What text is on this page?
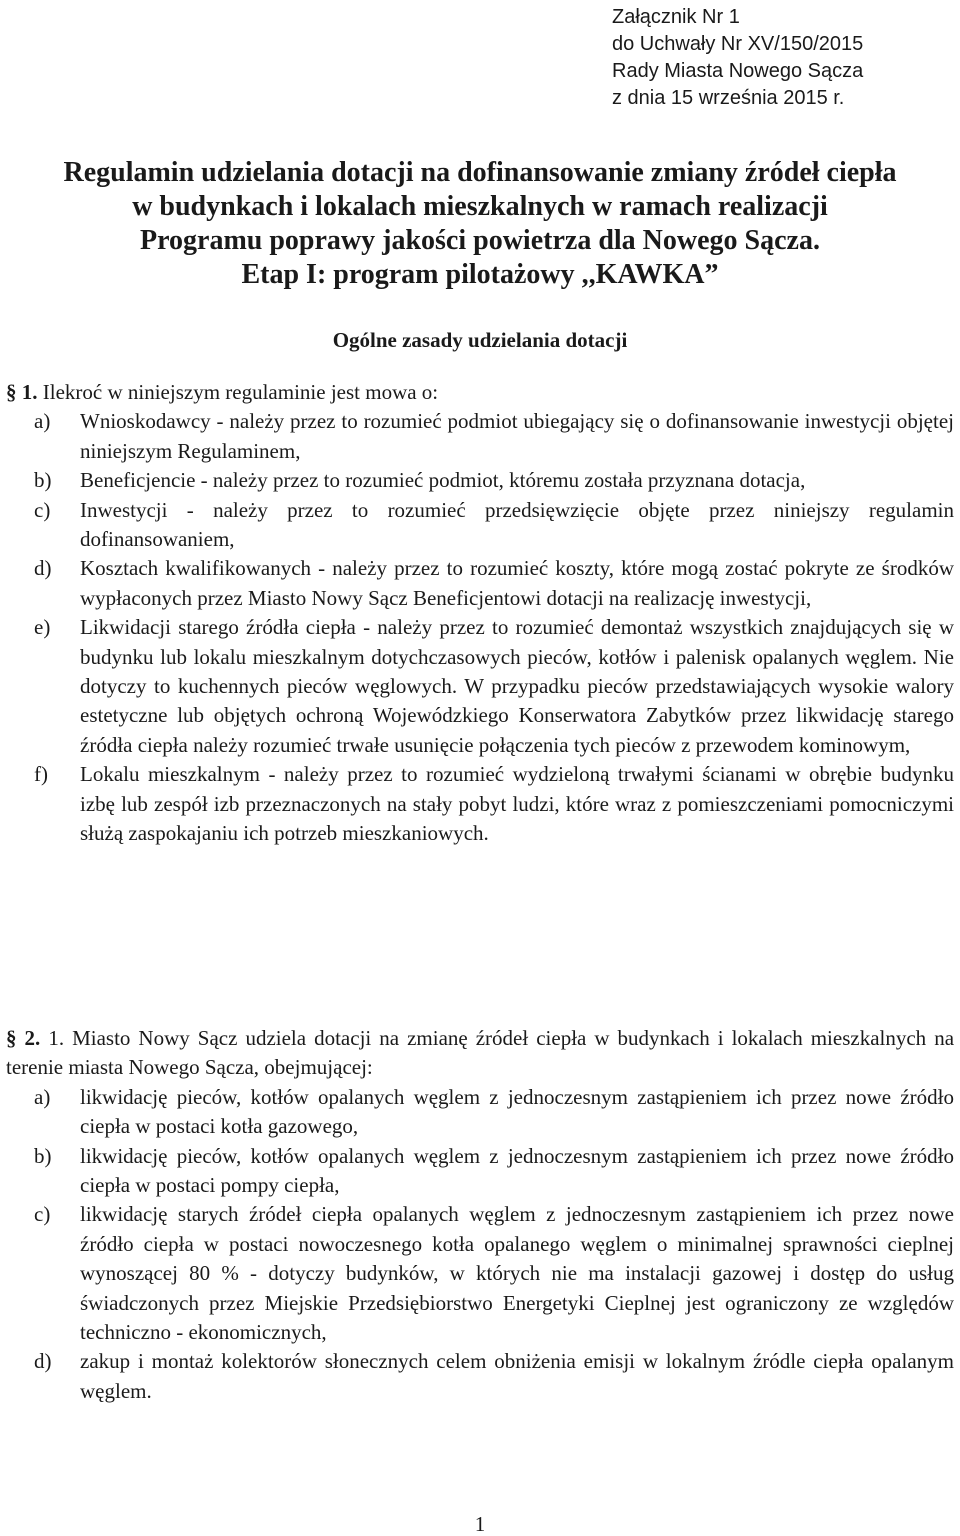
Załącznik Nr 1
do Uchwały Nr XV/150/2015
Rady Miasta Nowego Sącza
z dnia 15 września 2015 r.
Regulamin udzielania dotacji na dofinansowanie zmiany źródeł ciepła
w budynkach i lokalach mieszkalnych w ramach realizacji
Programu poprawy jakości powietrza dla Nowego Sącza.
Etap I: program pilotażowy ,,KAWKA”
Ogólne zasady udzielania dotacji

§ 1. Ilekroć w niniejszym regulaminie jest mowa o:

a)	Wnioskodawcy - należy przez to rozumieć podmiot ubiegający się o dofinansowanie inwestycji objętej niniejszym Regulaminem,
b)	Beneficjencie - należy przez to rozumieć podmiot, któremu została przyznana dotacja,
c)	Inwestycji - należy przez to rozumieć przedsięwzięcie objęte przez niniejszy regulamin dofinansowaniem,
d)	Kosztach kwalifikowanych - należy przez to rozumieć koszty, które mogą zostać pokryte ze środków wypłaconych przez Miasto Nowy Sącz Beneficjentowi dotacji na realizację inwestycji,
e)	Likwidacji starego źródła ciepła - należy przez to rozumieć demontaż wszystkich znajdujących się w budynku lub lokalu mieszkalnym dotychczasowych pieców, kotłów i palenisk opalanych węglem. Nie dotyczy to kuchennych pieców węglowych. W przypadku pieców przedstawiających wysokie walory estetyczne lub objętych ochroną Wojewódzkiego Konserwatora Zabytków przez likwidację starego źródła ciepła należy rozumieć trwałe usunięcie połączenia tych pieców z przewodem kominowym,
f)	Lokalu mieszkalnym - należy przez to rozumieć wydzieloną trwałymi ścianami w obrębie budynku izbę lub zespół izb przeznaczonych na stały pobyt ludzi, które wraz z pomieszczeniami pomocniczymi służą zaspokajaniu ich potrzeb mieszkaniowych.

§ 2. 1. Miasto Nowy Sącz udziela dotacji na zmianę źródeł ciepła w budynkach i lokalach mieszkalnych na terenie miasta Nowego Sącza, obejmującej:

a)	likwidację pieców, kotłów opalanych węglem z jednoczesnym zastąpieniem ich przez nowe źródło ciepła w postaci kotła gazowego,
b)	likwidację pieców, kotłów opalanych węglem z jednoczesnym zastąpieniem ich przez nowe źródło ciepła w postaci pompy ciepła,
c)	likwidację starych źródeł ciepła opalanych węglem z jednoczesnym zastąpieniem ich przez nowe źródło ciepła w postaci nowoczesnego kotła opalanego węglem o minimalnej sprawności cieplnej wynoszącej 80 % - dotyczy budynków, w których nie ma instalacji gazowej i dostęp do usług świadczonych przez Miejskie Przedsiębiorstwo Energetyki Cieplnej jest ograniczony ze względów techniczno - ekonomicznych,
d)	zakup i montaż kolektorów słonecznych celem obniżenia emisji w lokalnym źródle ciepła opalanym węglem.
1
